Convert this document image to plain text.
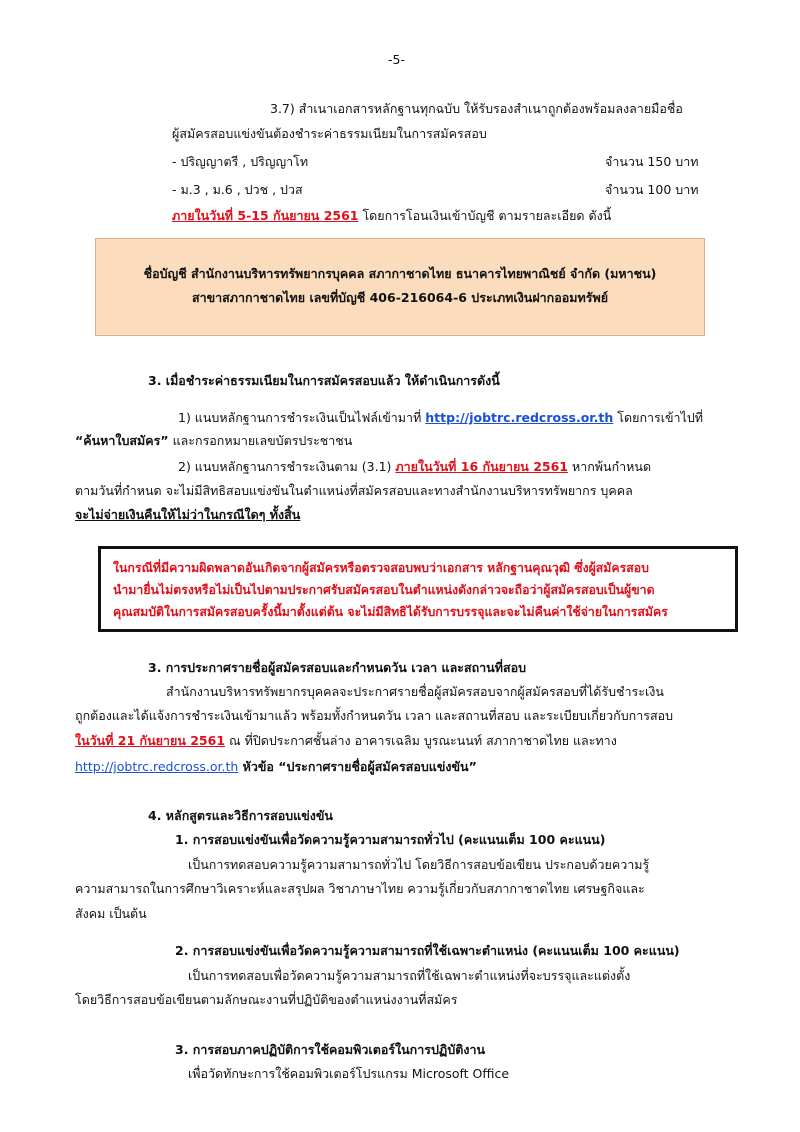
-5-
3.7) สำเนาเอกสารหลักฐานทุกฉบับ ให้รับรองสำเนาถูกต้องพร้อมลงลายมือชื่อ
ผู้สมัครสอบแข่งขันต้องชำระค่าธรรมเนียมในการสมัครสอบ
- ปริญญาตรี , ปริญญาโท	จำนวน 150 บาท
- ม.3 , ม.6 , ปวช , ปวส	จำนวน 100 บาท
ภายในวันที่ 5-15 กันยายน 2561 โดยการโอนเงินเข้าบัญชี ตามรายละเอียด ดังนี้
ชื่อบัญชี สำนักงานบริหารทรัพยากรบุคคล สภากาชาดไทย ธนาคารไทยพาณิชย์ จำกัด (มหาชน)
สาขาสภากาชาดไทย เลขที่บัญชี 406-216064-6 ประเภทเงินฝากออมทรัพย์
3. เมื่อชำระค่าธรรมเนียมในการสมัครสอบแล้ว ให้ดำเนินการดังนี้
1) แนบหลักฐานการชำระเงินเป็นไฟล์เข้ามาที่ http://jobtrc.redcross.or.th โดยการเข้าไปที่
“ค้นหาใบสมัคร” และกรอกหมายเลขบัตรประชาชน
2) แนบหลักฐานการชำระเงินตาม (3.1) ภายในวันที่ 16 กันยายน 2561 หากพ้นกำหนด
ตามวันที่กำหนด จะไม่มีสิทธิสอบแข่งขันในตำแหน่งที่สมัครสอบและทางสำนักงานบริหารทรัพยากร บุคคล
จะไม่จ่ายเงินคืนให้ไม่ว่าในกรณีใดๆ ทั้งสิ้น
ในกรณีที่มีความผิดพลาดอันเกิดจากผู้สมัครหรือตรวจสอบพบว่าเอกสาร หลักฐานคุณวุฒิ ซึ่งผู้สมัครสอบ
นำมายื่นไม่ตรงหรือไม่เป็นไปตามประกาศรับสมัครสอบในตำแหน่งดังกล่าวจะถือว่าผู้สมัครสอบเป็นผู้ขาด
คุณสมบัติในการสมัครสอบครั้งนี้มาตั้งแต่ต้น จะไม่มีสิทธิได้รับการบรรจุและจะไม่คืนค่าใช้จ่ายในการสมัคร
3. การประกาศรายชื่อผู้สมัครสอบและกำหนดวัน เวลา และสถานที่สอบ
สำนักงานบริหารทรัพยากรบุคคลจะประกาศรายชื่อผู้สมัครสอบจากผู้สมัครสอบที่ได้รับชำระเงิน
ถูกต้องและได้แจ้งการชำระเงินเข้ามาแล้ว พร้อมทั้งกำหนดวัน เวลา และสถานที่สอบ และระเบียบเกี่ยวกับการสอบ
ในวันที่ 21 กันยายน 2561 ณ ที่ปิดประกาศชั้นล่าง อาคารเฉลิม บูรณะนนท์ สภากาชาดไทย และทาง
http://jobtrc.redcross.or.th หัวข้อ “ประกาศรายชื่อผู้สมัครสอบแข่งขัน”
4. หลักสูตรและวิธีการสอบแข่งขัน
1. การสอบแข่งขันเพื่อวัดความรู้ความสามารถทั่วไป (คะแนนเต็ม 100 คะแนน)
เป็นการทดสอบความรู้ความสามารถทั่วไป โดยวิธีการสอบข้อเขียน ประกอบด้วยความรู้
ความสามารถในการศึกษาวิเคราะห์และสรุปผล วิชาภาษาไทย ความรู้เกี่ยวกับสภากาชาดไทย เศรษฐกิจและ
สังคม เป็นต้น
2. การสอบแข่งขันเพื่อวัดความรู้ความสามารถที่ใช้เฉพาะตำแหน่ง (คะแนนเต็ม 100 คะแนน)
เป็นการทดสอบเพื่อวัดความรู้ความสามารถที่ใช้เฉพาะตำแหน่งที่จะบรรจุและแต่งตั้ง
โดยวิธีการสอบข้อเขียนตามลักษณะงานที่ปฏิบัติของตำแหน่งงานที่สมัคร
3. การสอบภาคปฏิบัติการใช้คอมพิวเตอร์ในการปฏิบัติงาน
เพื่อวัดทักษะการใช้คอมพิวเตอร์โปรแกรม Microsoft Office
